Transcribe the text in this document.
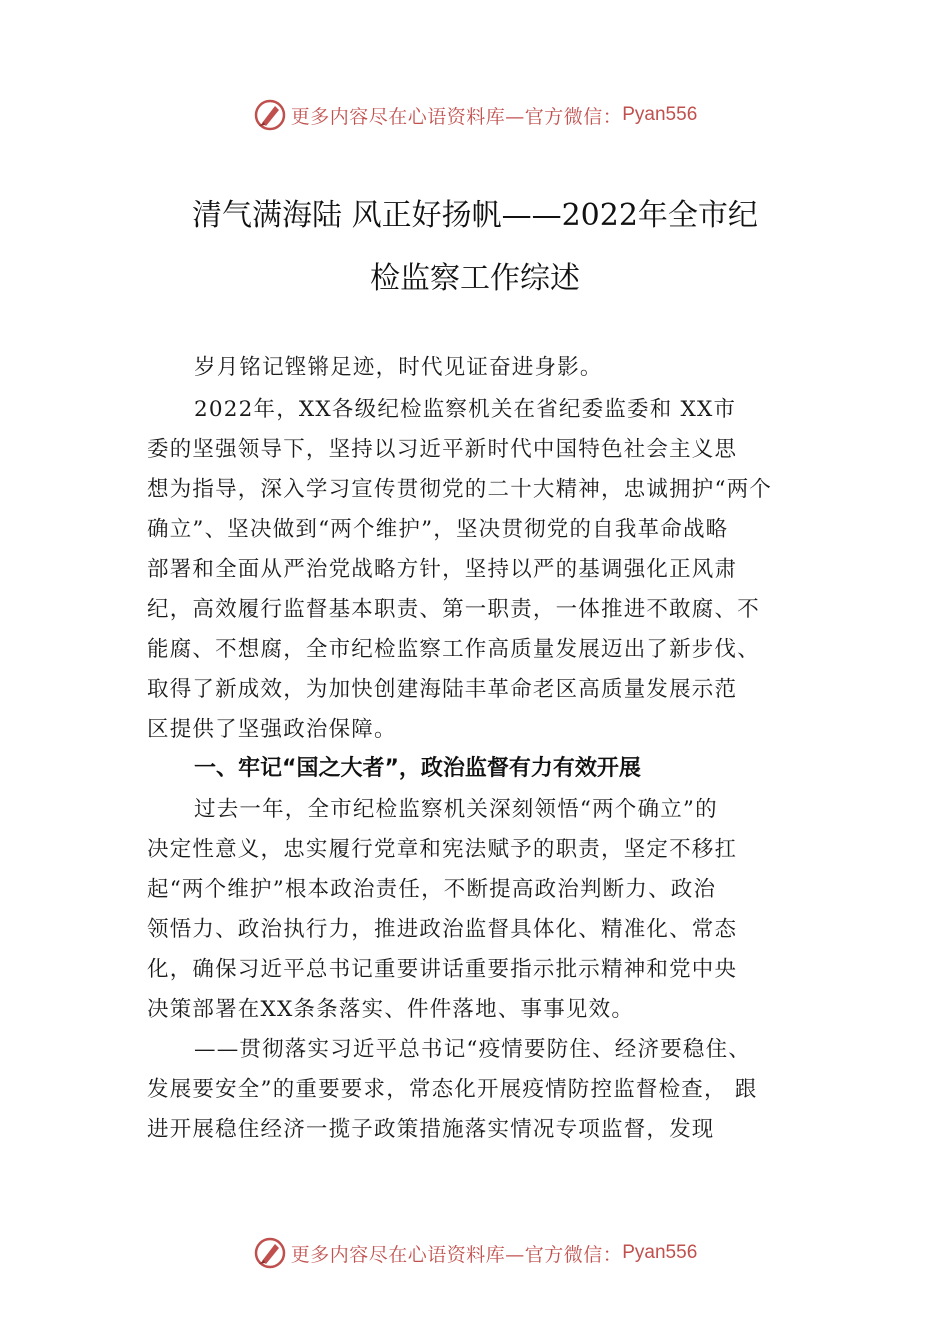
更多内容尽在心语资料库—官方微信： Pyan556
清气满海陆 风正好扬帆——2022年全市纪
检监察工作综述
岁月铭记铿锵足迹，时代见证奋进身影。
2022年，XX各级纪检监察机关在省纪委监委和 XX市
委的坚强领导下，坚持以习近平新时代中国特色社会主义思
想为指导，深入学习宣传贯彻党的二十大精神，忠诚拥护“两个
确立”、坚决做到“两个维护”，坚决贯彻党的自我革命战略
部署和全面从严治党战略方针，坚持以严的基调强化正风肃
纪，高效履行监督基本职责、第一职责，一体推进不敢腐、不
能腐、不想腐，全市纪检监察工作高质量发展迈出了新步伐、
取得了新成效，为加快创建海陆丰革命老区高质量发展示范
区提供了坚强政治保障。
一、牢记“国之大者”，政治监督有力有效开展
过去一年，全市纪检监察机关深刻领悟“两个确立”的
决定性意义，忠实履行党章和宪法赋予的职责，坚定不移扛
起“两个维护”根本政治责任，不断提高政治判断力、政治
领悟力、政治执行力，推进政治监督具体化、精准化、常态
化，确保习近平总书记重要讲话重要指示批示精神和党中央
决策部署在XX条条落实、件件落地、事事见效。
——贯彻落实习近平总书记“疫情要防住、经济要稳住、
发展要安全”的重要要求，常态化开展疫情防控监督检查， 跟
进开展稳住经济一揽子政策措施落实情况专项监督，发现
更多内容尽在心语资料库—官方微信： Pyan556
